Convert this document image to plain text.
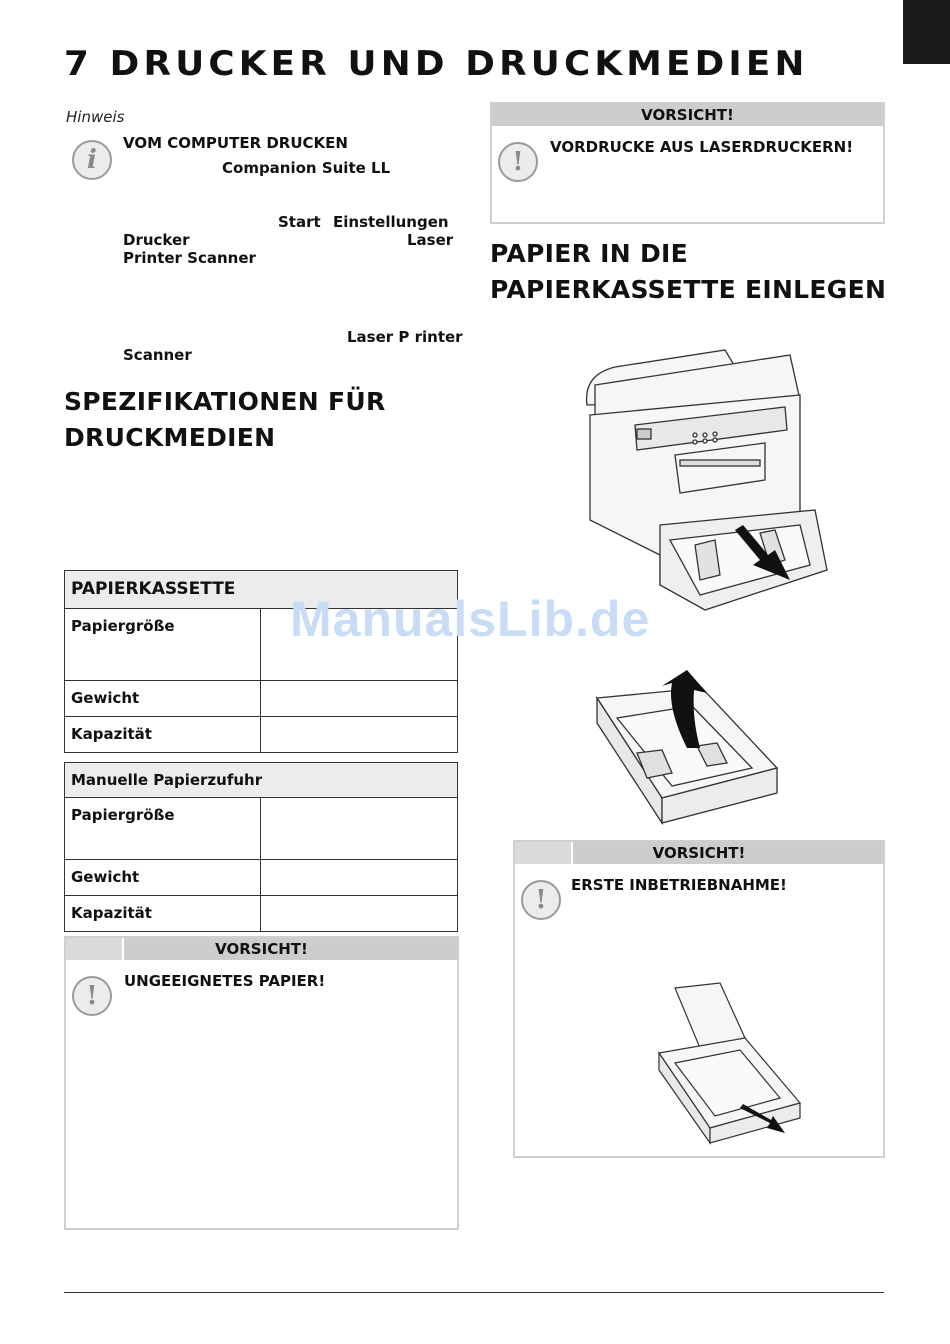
7 DRUCKER UND DRUCKMEDIEN
Hinweis
i
VOM COMPUTER DRUCKEN
Companion Suite LL
Start Einstellungen
Drucker	Laser
Printer Scanner
Laser P rinter
Scanner
SPEZIFIKATIONEN FÜR
DRUCKMEDIEN
PAPIERKASSETTE	
Papiergröße	
Gewicht	
Kapazität	
Manuelle Papierzufuhr	
Papiergröße	
Gewicht	
Kapazität	
VORSICHT!
!	UNGEEIGNETES PAPIER!
VORSICHT!
!	VORDRUCKE AUS LASERDRUCKERN!
PAPIER IN DIE
PAPIERKASSETTE EINLEGEN
VORSICHT!
!	ERSTE INBETRIEBNAHME!
ManualsLib.de
